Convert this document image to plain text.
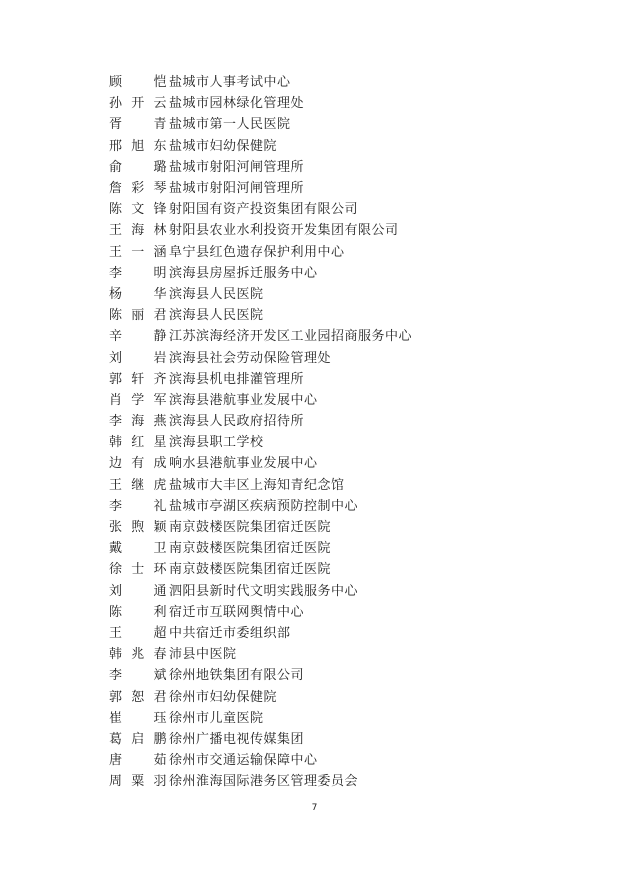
顾 恺 盐城市人事考试中心
孙开云 盐城市园林绿化管理处
胥 青 盐城市第一人民医院
邢旭东 盐城市妇幼保健院
俞 璐 盐城市射阳河闸管理所
詹彩琴 盐城市射阳河闸管理所
陈文锋 射阳国有资产投资集团有限公司
王海林 射阳县农业水利投资开发集团有限公司
王一涵 阜宁县红色遗存保护利用中心
李 明 滨海县房屋拆迁服务中心
杨 华 滨海县人民医院
陈丽君 滨海县人民医院
辛 静 江苏滨海经济开发区工业园招商服务中心
刘 岩 滨海县社会劳动保险管理处
郭轩齐 滨海县机电排灌管理所
肖学军 滨海县港航事业发展中心
李海燕 滨海县人民政府招待所
韩红星 滨海县职工学校
边有成 响水县港航事业发展中心
王继虎 盐城市大丰区上海知青纪念馆
李 礼 盐城市亭湖区疾病预防控制中心
张煦颖 南京鼓楼医院集团宿迁医院
戴 卫 南京鼓楼医院集团宿迁医院
徐士环 南京鼓楼医院集团宿迁医院
刘 通 泗阳县新时代文明实践服务中心
陈 利 宿迁市互联网舆情中心
王 超 中共宿迁市委组织部
韩兆春 沛县中医院
李 斌 徐州地铁集团有限公司
郭恕君 徐州市妇幼保健院
崔 珏 徐州市儿童医院
葛启鹏 徐州广播电视传媒集团
唐 茹 徐州市交通运输保障中心
周粟羽 徐州淮海国际港务区管理委员会
7
